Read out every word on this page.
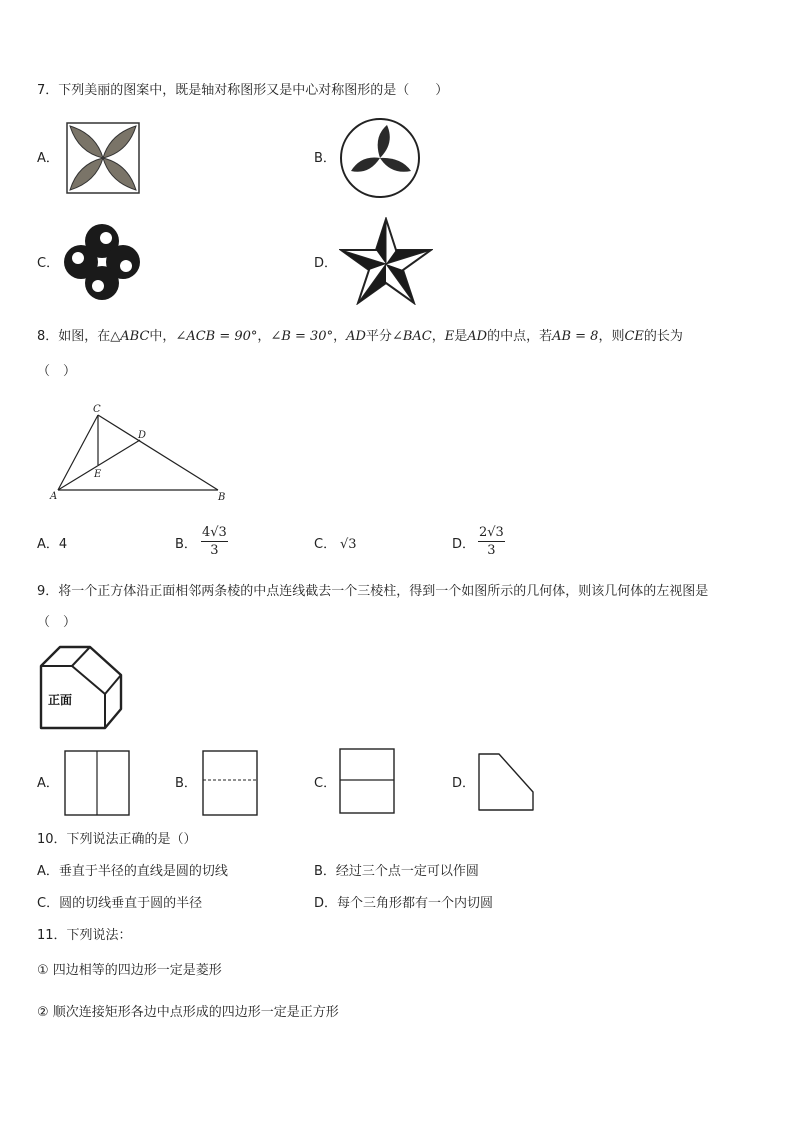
7．下列美丽的图案中，既是轴对称图形又是中心对称图形的是（　　）
A．	B．
C．	D．
8．如图，在△ABC中，∠ACB = 90°，∠B = 30°，AD平分∠BAC，E是AD的中点，若AB = 8，则CE的长为
（　）
C
D
E
A	B
A．4	B． $\frac{4√3}{3}$	C． √3	D． $\frac{2√3}{3}$
9．将一个正方体沿正面相邻两条棱的中点连线截去一个三棱柱，得到一个如图所示的几何体，则该几何体的左视图是
（　）
正面
A．	B．	C．	D．
10．下列说法正确的是（）
A．垂直于半径的直线是圆的切线	B．经过三个点一定可以作圆
C．圆的切线垂直于圆的半径	D．每个三角形都有一个内切圆
11．下列说法：
① 四边相等的四边形一定是菱形
② 顺次连接矩形各边中点形成的四边形一定是正方形
